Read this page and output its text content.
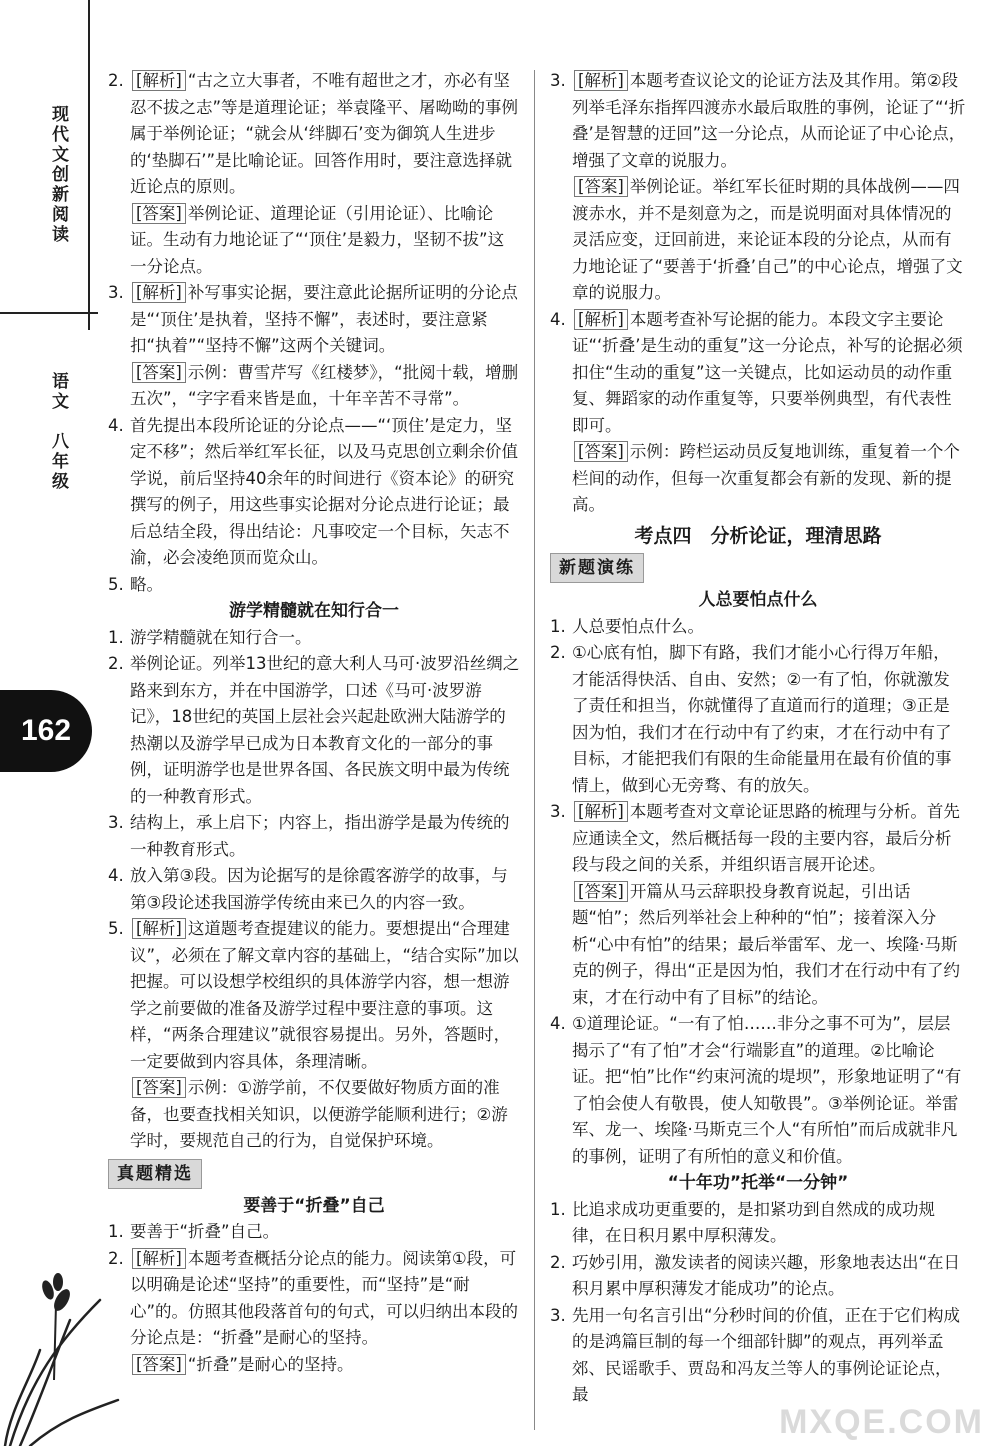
现代文创新阅读
语文　八年级
162

2. [解析] “古之立大事者，不唯有超世之才，亦必有坚忍不拔之志”等是道理论证；举袁隆平、屠呦呦的事例属于举例论证；“就会从‘绊脚石’变为御筑人生进步的‘垫脚石’”是比喻论证。回答作用时，要注意选择就近论点的原则。

[答案] 举例论证、道理论证（引用论证）、比喻论证。生动有力地论证了“‘顶住’是毅力，坚韧不拔”这一分论点。

3. [解析] 补写事实论据，要注意此论据所证明的分论点是“‘顶住’是执着，坚持不懈”，表述时，要注意紧扣“执着”“坚持不懈”这两个关键词。

[答案] 示例：曹雪芹写《红楼梦》，“批阅十载，增删五次”，“字字看来皆是血，十年辛苦不寻常”。

4. 首先提出本段所论证的分论点——“‘顶住’是定力，坚定不移”；然后举红军长征，以及马克思创立剩余价值学说，前后坚持40余年的时间进行《资本论》的研究撰写的例子，用这些事实论据对分论点进行论证；最后总结全段，得出结论：凡事咬定一个目标，矢志不渝，必会凌绝顶而览众山。

5. 略。

游学精髓就在知行合一

1. 游学精髓就在知行合一。

2. 举例论证。列举13世纪的意大利人马可·波罗沿丝绸之路来到东方，并在中国游学，口述《马可·波罗游记》，18世纪的英国上层社会兴起赴欧洲大陆游学的热潮以及游学早已成为日本教育文化的一部分的事例，证明游学也是世界各国、各民族文明中最为传统的一种教育形式。

3. 结构上，承上启下；内容上，指出游学是最为传统的一种教育形式。

4. 放入第③段。因为论据写的是徐霞客游学的故事，与第③段论述我国游学传统由来已久的内容一致。

5. [解析] 这道题考查提建议的能力。要想提出“合理建议”，必须在了解文章内容的基础上，“结合实际”加以把握。可以设想学校组织的具体游学内容，想一想游学之前要做的准备及游学过程中要注意的事项。这样，“两条合理建议”就很容易提出。另外，答题时，一定要做到内容具体，条理清晰。

[答案] 示例：①游学前，不仅要做好物质方面的准备，也要查找相关知识，以便游学能顺利进行；②游学时，要规范自己的行为，自觉保护环境。

真题精选

要善于“折叠”自己

1. 要善于“折叠”自己。

2. [解析] 本题考查概括分论点的能力。阅读第①段，可以明确是论述“坚持”的重要性，而“坚持”是“耐心”的。仿照其他段落首句的句式，可以归纳出本段的分论点是：“折叠”是耐心的坚持。

[答案] “折叠”是耐心的坚持。

3. [解析] 本题考查议论文的论证方法及其作用。第②段列举毛泽东指挥四渡赤水最后取胜的事例，论证了“‘折叠’是智慧的迂回”这一分论点，从而论证了中心论点，增强了文章的说服力。

[答案] 举例论证。举红军长征时期的具体战例——四渡赤水，并不是刻意为之，而是说明面对具体情况的灵活应变，迂回前进，来论证本段的分论点，从而有力地论证了“要善于‘折叠’自己”的中心论点，增强了文章的说服力。

4. [解析] 本题考查补写论据的能力。本段文字主要论证“‘折叠’是生动的重复”这一分论点，补写的论据必须扣住“生动的重复”这一关键点，比如运动员的动作重复、舞蹈家的动作重复等，只要举例典型，有代表性即可。

[答案] 示例：跨栏运动员反复地训练，重复着一个个栏间的动作，但每一次重复都会有新的发现、新的提高。

考点四　分析论证，理清思路

新题演练

人总要怕点什么

1. 人总要怕点什么。

2. ①心底有怕，脚下有路，我们才能小心行得万年船，才能活得快活、自由、安然；②一有了怕，你就激发了责任和担当，你就懂得了直道而行的道理；③正是因为怕，我们才在行动中有了约束，才在行动中有了目标，才能把我们有限的生命能量用在最有价值的事情上，做到心无旁骛、有的放矢。

3. [解析] 本题考查对文章论证思路的梳理与分析。首先应通读全文，然后概括每一段的主要内容，最后分析段与段之间的关系，并组织语言展开论述。

[答案] 开篇从马云辞职投身教育说起，引出话题“怕”；然后列举社会上种种的“怕”；接着深入分析“心中有怕”的结果；最后举雷军、龙一、埃隆·马斯克的例子，得出“正是因为怕，我们才在行动中有了约束，才在行动中有了目标”的结论。

4. ①道理论证。“一有了怕……非分之事不可为”，层层揭示了“有了怕”才会“行端影直”的道理。②比喻论证。把“怕”比作“约束河流的堤坝”，形象地证明了“有了怕会使人有敬畏，使人知敬畏”。③举例论证。举雷军、龙一、埃隆·马斯克三个人“有所怕”而后成就非凡的事例，证明了有所怕的意义和价值。

“十年功”托举“一分钟”

1. 比追求成功更重要的，是扣紧功到自然成的成功规律，在日积月累中厚积薄发。

2. 巧妙引用，激发读者的阅读兴趣，形象地表达出“在日积月累中厚积薄发才能成功”的论点。

3. 先用一句名言引出“分秒时间的价值，正在于它们构成的是鸿篇巨制的每一个细部针脚”的观点，再列举孟郊、民谣歌手、贾岛和冯友兰等人的事例论证论点，最

MXQE.COM
